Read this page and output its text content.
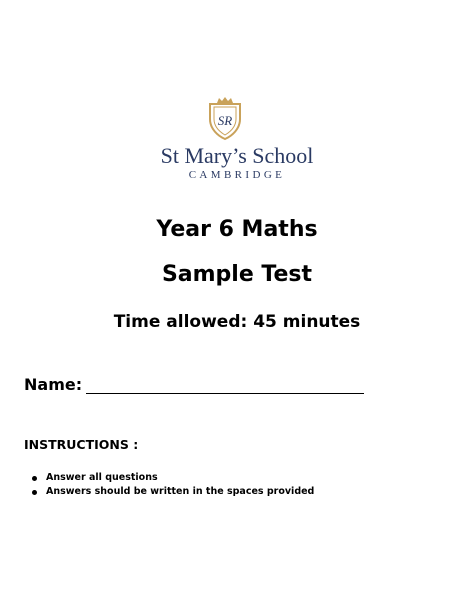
SR
St Mary’s School
CAMBRIDGE
Year 6 Maths
Sample Test
Time allowed: 45 minutes
Name:
INSTRUCTIONS :
Answer all questions
Answers should be written in the spaces provided
